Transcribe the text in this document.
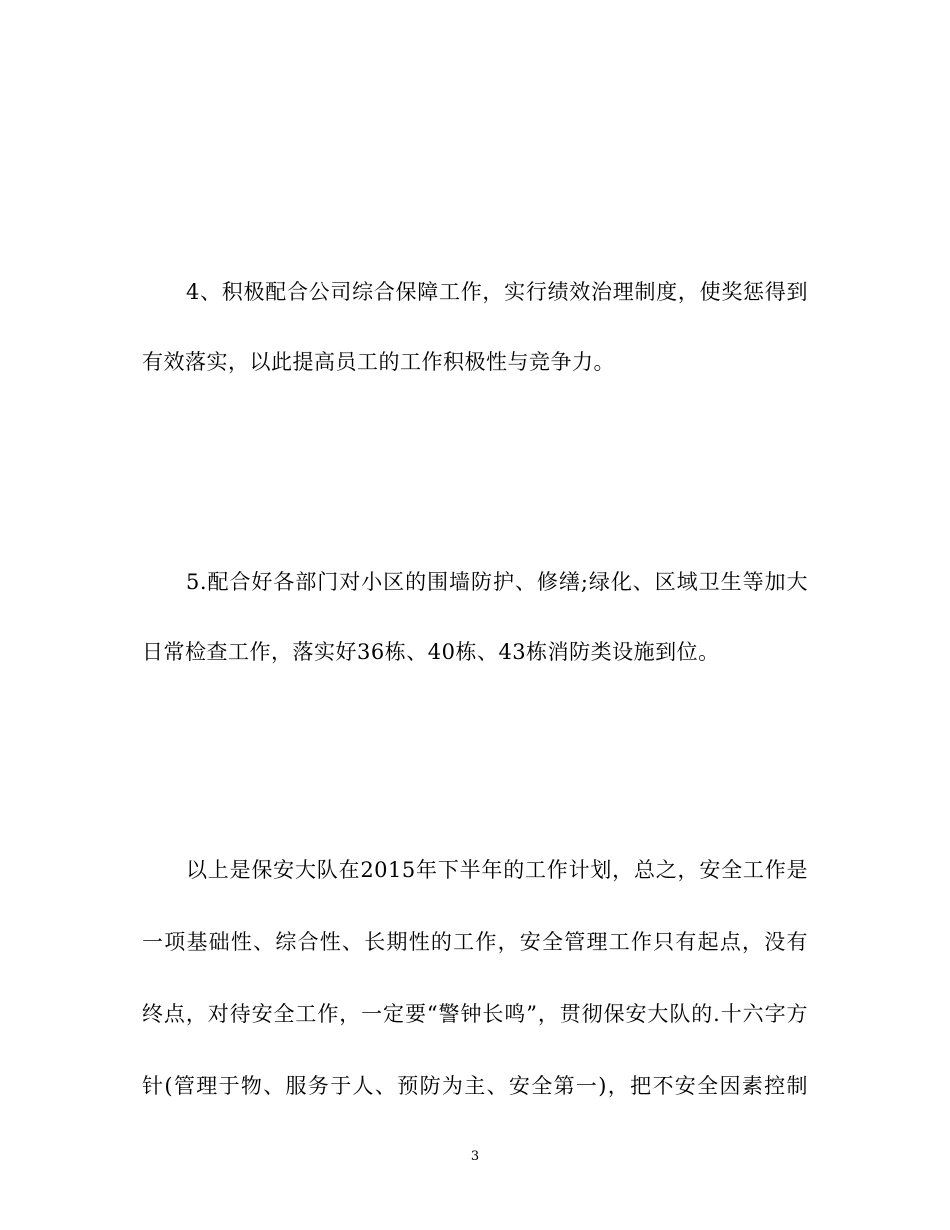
4、积极配合公司综合保障工作，实行绩效治理制度，使奖惩得到
有效落实，以此提高员工的工作积极性与竞争力。
5.配合好各部门对小区的围墙防护、修缮;绿化、区域卫生等加大
日常检查工作，落实好36栋、40栋、43栋消防类设施到位。
以上是保安大队在2015年下半年的工作计划，总之，安全工作是
一项基础性、综合性、长期性的工作，安全管理工作只有起点，没有
终点，对待安全工作，一定要“警钟长鸣”，贯彻保安大队的.十六字方
针(管理于物、服务于人、预防为主、安全第一)，把不安全因素控制
3
